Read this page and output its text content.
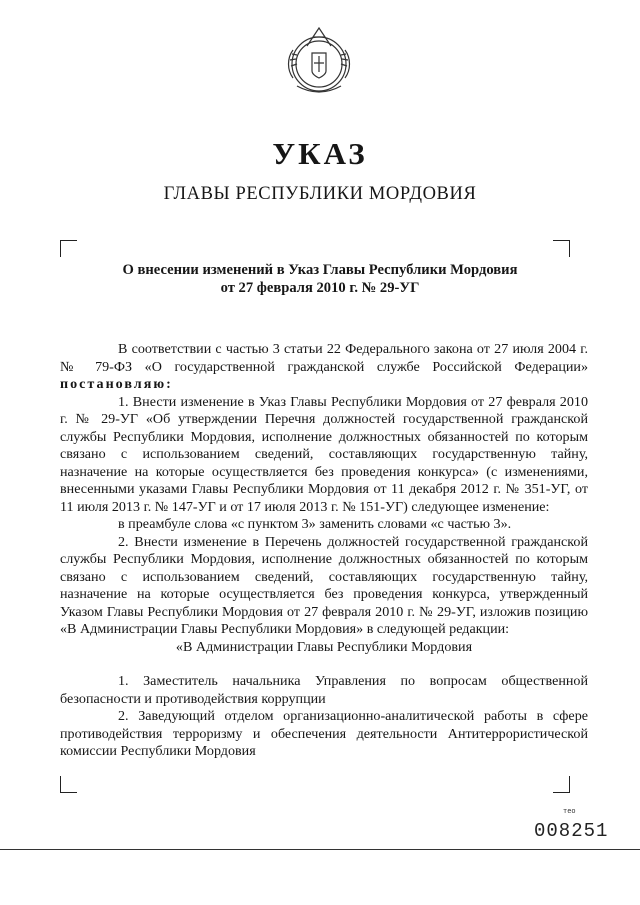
УКАЗ
ГЛАВЫ РЕСПУБЛИКИ МОРДОВИЯ
О внесении изменений в Указ Главы Республики Мордовия
от 27 февраля 2010 г. № 29-УГ

В соответствии с частью 3 статьи 22 Федерального закона от 27 июля 2004 г. № 79-ФЗ «О государственной гражданской службе Российской Федерации» постановляю:

1. Внести изменение в Указ Главы Республики Мордовия от 27 февраля 2010 г. № 29-УГ «Об утверждении Перечня должностей государственной гражданской службы Республики Мордовия, исполнение должностных обязанностей по которым связано с использованием сведений, составляющих государственную тайну, назначение на которые осуществляется без проведения конкурса» (с изменениями, внесенными указами Главы Республики Мордовия от 11 декабря 2012 г. № 351-УГ, от 11 июля 2013 г. № 147-УГ и от 17 июля 2013 г. № 151-УГ) следующее изменение:

в преамбуле слова «с пунктом 3» заменить словами «с частью 3».

2. Внести изменение в Перечень должностей государственной гражданской службы Республики Мордовия, исполнение должностных обязанностей по которым связано с использованием сведений, составляющих государственную тайну, назначение на которые осуществляется без проведения конкурса, утвержденный Указом Главы Республики Мордовия от 27 февраля 2010 г. № 29-УГ, изложив позицию «В Администрации Главы Республики Мордовия» в следующей редакции:

«В Администрации Главы Республики Мордовия

1. Заместитель начальника Управления по вопросам общественной безопасности и противодействия коррупции

2. Заведующий отделом организационно-аналитической работы в сфере противодействия терроризму и обеспечения деятельности Антитеррористической комиссии Республики Мордовия

тео
008251
